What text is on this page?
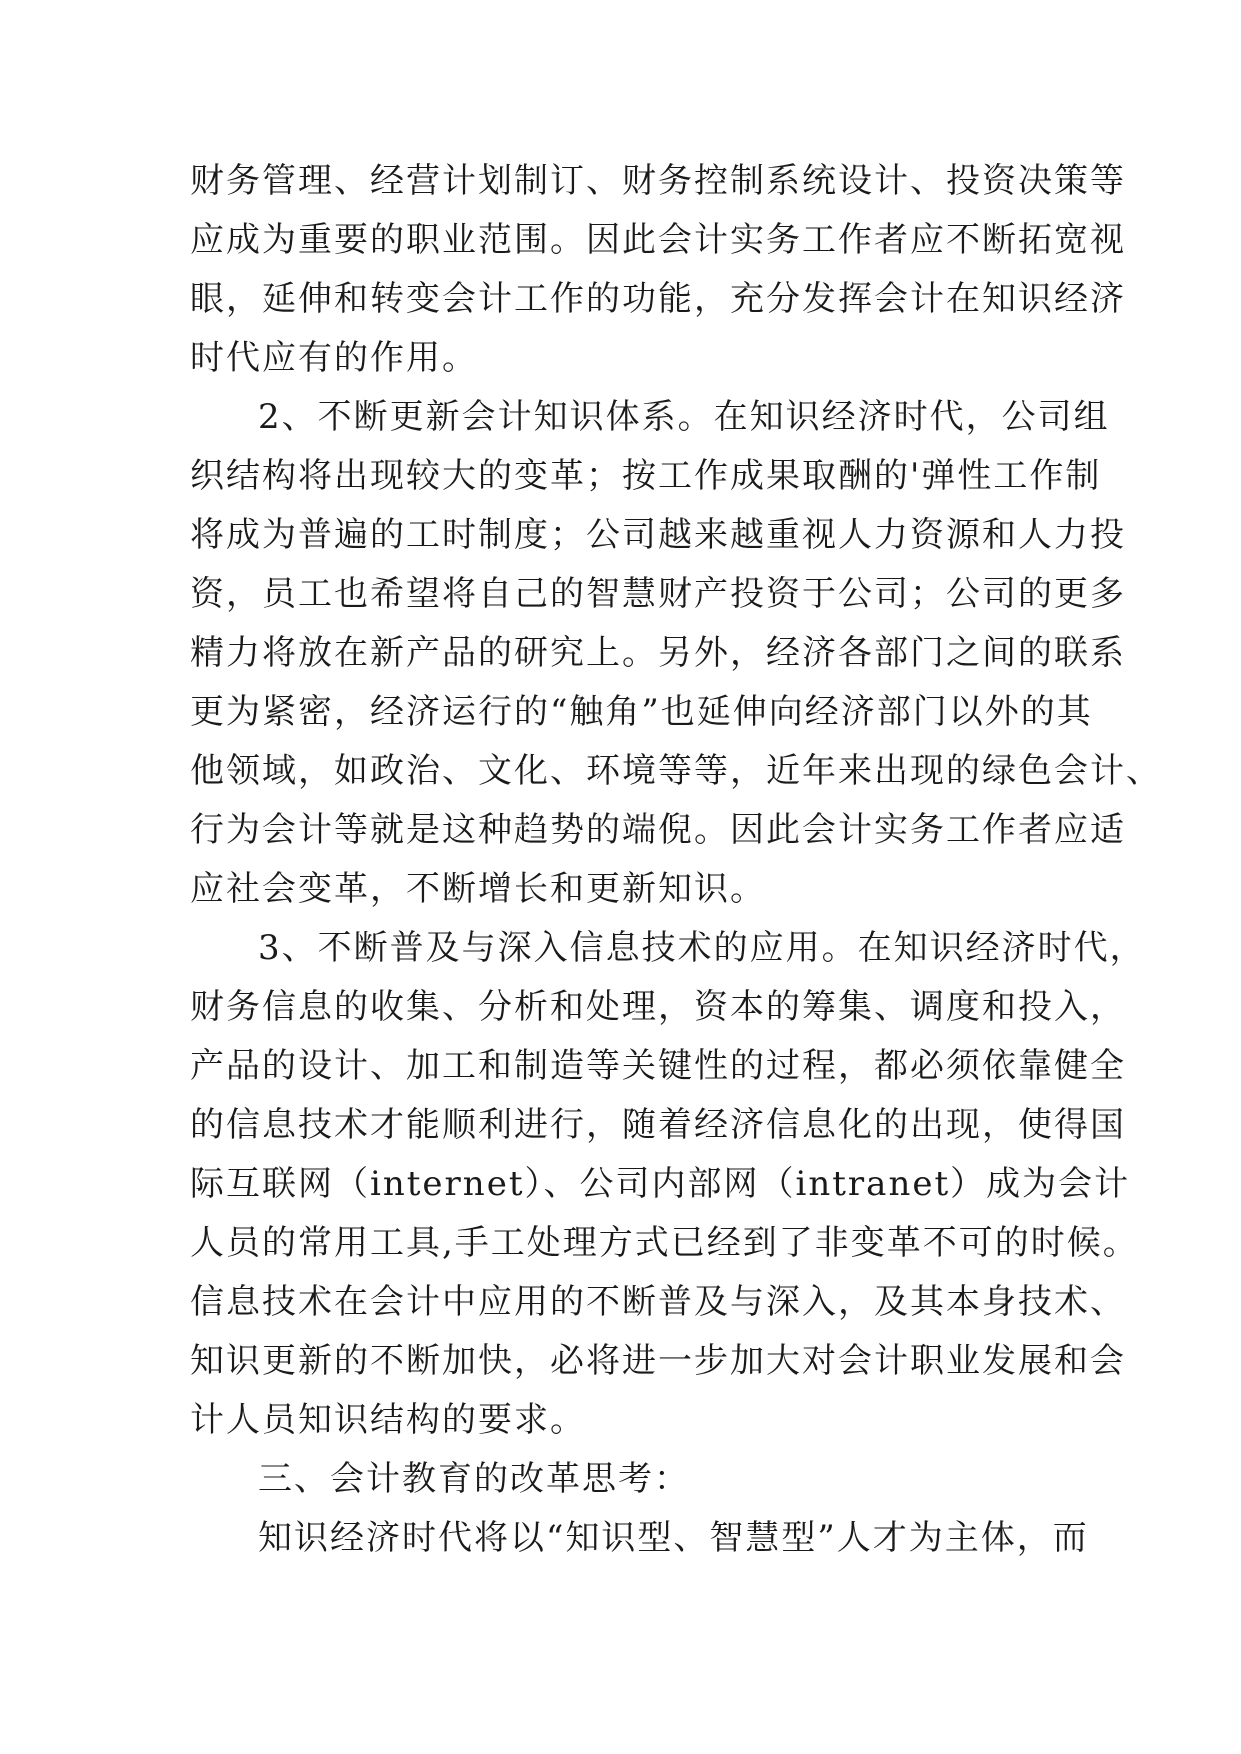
财务管理、经营计划制订、财务控制系统设计、投资决策等
应成为重要的职业范围。因此会计实务工作者应不断拓宽视
眼，延伸和转变会计工作的功能，充分发挥会计在知识经济
时代应有的作用。
2、不断更新会计知识体系。在知识经济时代，公司组
织结构将出现较大的变革；按工作成果取酬的'弹性工作制
将成为普遍的工时制度；公司越来越重视人力资源和人力投
资，员工也希望将自己的智慧财产投资于公司；公司的更多
精力将放在新产品的研究上。另外，经济各部门之间的联系
更为紧密，经济运行的“触角”也延伸向经济部门以外的其
他领域，如政治、文化、环境等等，近年来出现的绿色会计、
行为会计等就是这种趋势的端倪。因此会计实务工作者应适
应社会变革，不断增长和更新知识。
3、不断普及与深入信息技术的应用。在知识经济时代，
财务信息的收集、分析和处理，资本的筹集、调度和投入，
产品的设计、加工和制造等关键性的过程，都必须依靠健全
的信息技术才能顺利进行，随着经济信息化的出现，使得国
际互联网（internet）、公司内部网（intranet）成为会计
人员的常用工具,手工处理方式已经到了非变革不可的时候。
信息技术在会计中应用的不断普及与深入，及其本身技术、
知识更新的不断加快，必将进一步加大对会计职业发展和会
计人员知识结构的要求。
三、会计教育的改革思考：
知识经济时代将以“知识型、智慧型”人才为主体，而
